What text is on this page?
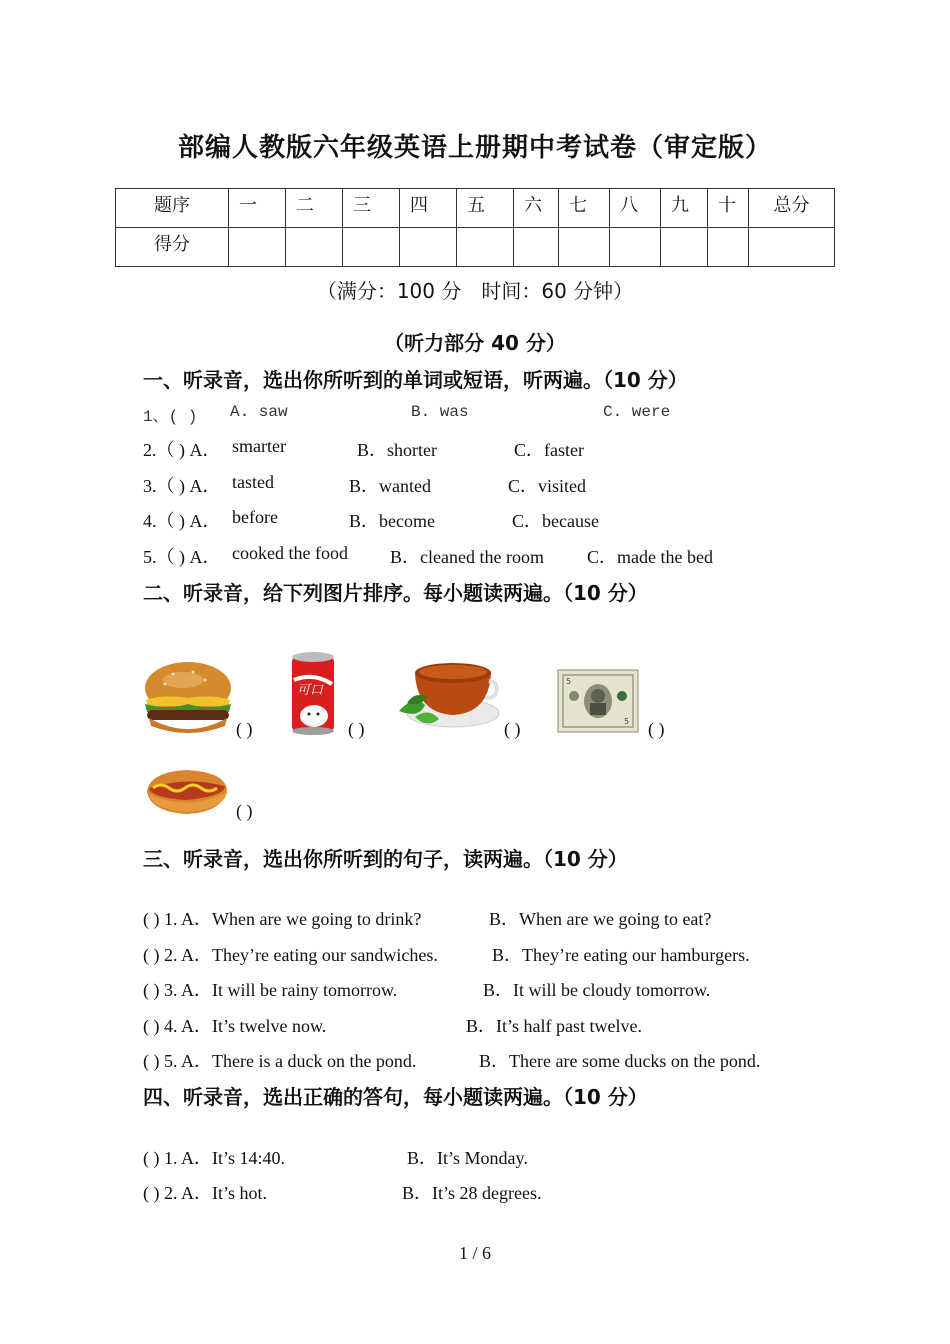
部编人教版六年级英语上册期中考试卷（审定版）
题序	一	二	三	四	五	六	七	八	九	十	总分
得分											
（满分：100 分　时间：60 分钟）
（听力部分 40 分）
一、听录音，选出你所听到的单词或短语，听两遍。（10 分）
1、( ) A. saw	B. was	C. were
2.（ ) A． smarter	B．shorter	C．faster
3.（ ) A． tasted	B．wanted	C．visited
4.（ ) A． before	B．become	C．because
5.（ ) A． cooked the food B．cleaned the room C．made the bed
二、听录音，给下列图片排序。每小题读两遍。（10 分）
( )
可口
( )	( )
5
5 ( )
( )
三、听录音，选出你所听到的句子，读两遍。（10 分）
( ) 1. A．When are we going to drink?	B．When are we going to eat?
( ) 2. A．They’re eating our sandwiches.	B．They’re eating our hamburgers.
( ) 3. A．It will be rainy tomorrow.	B．It will be cloudy tomorrow.
( ) 4. A．It’s twelve now.	B．It’s half past twelve.
( ) 5. A．There is a duck on the pond.	B．There are some ducks on the pond.
四、听录音，选出正确的答句，每小题读两遍。（10 分）
( ) 1. A．It’s 14:40.	B．It’s Monday.
( ) 2. A．It’s hot.	B．It’s 28 degrees.
1 / 6
